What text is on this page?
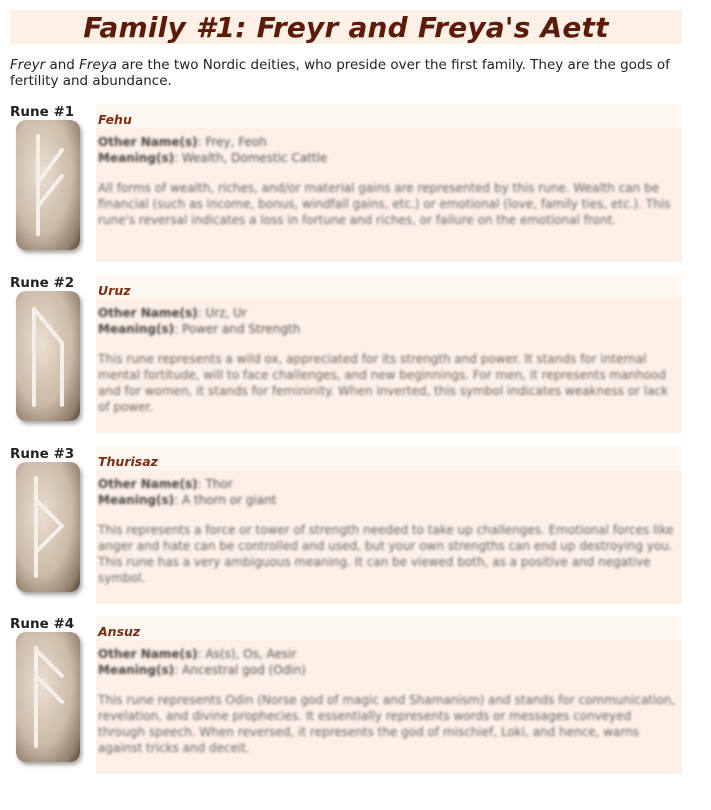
Family #1: Freyr and Freya's Aett
Freyr and Freya are the two Nordic deities, who preside over the first family. They are the gods of fertility and abundance.
Rune #1 Fehu
Other Name(s): Frey, Feoh
Meaning(s): Wealth, Domestic Cattle
All forms of wealth, riches, and/or material gains are represented by this rune. Wealth can be financial (such as income, bonus, windfall gains, etc.) or emotional (love, family ties, etc.). This rune's reversal indicates a loss in fortune and riches, or failure on the emotional front.
Rune #2 Uruz
Other Name(s): Urz, Ur
Meaning(s): Power and Strength
This rune represents a wild ox, appreciated for its strength and power. It stands for internal mental fortitude, will to face challenges, and new beginnings. For men, it represents manhood and for women, it stands for femininity. When inverted, this symbol indicates weakness or lack of power.
Rune #3 Thurisaz
Other Name(s): Thor
Meaning(s): A thorn or giant
This represents a force or tower of strength needed to take up challenges. Emotional forces like anger and hate can be controlled and used, but your own strengths can end up destroying you. This rune has a very ambiguous meaning. It can be viewed both, as a positive and negative symbol.
Rune #4 Ansuz
Other Name(s): As(s), Os, Aesir
Meaning(s): Ancestral god (Odin)
This rune represents Odin (Norse god of magic and Shamanism) and stands for communication, revelation, and divine prophecies. It essentially represents words or messages conveyed through speech. When reversed, it represents the god of mischief, Loki, and hence, warns against tricks and deceit.
